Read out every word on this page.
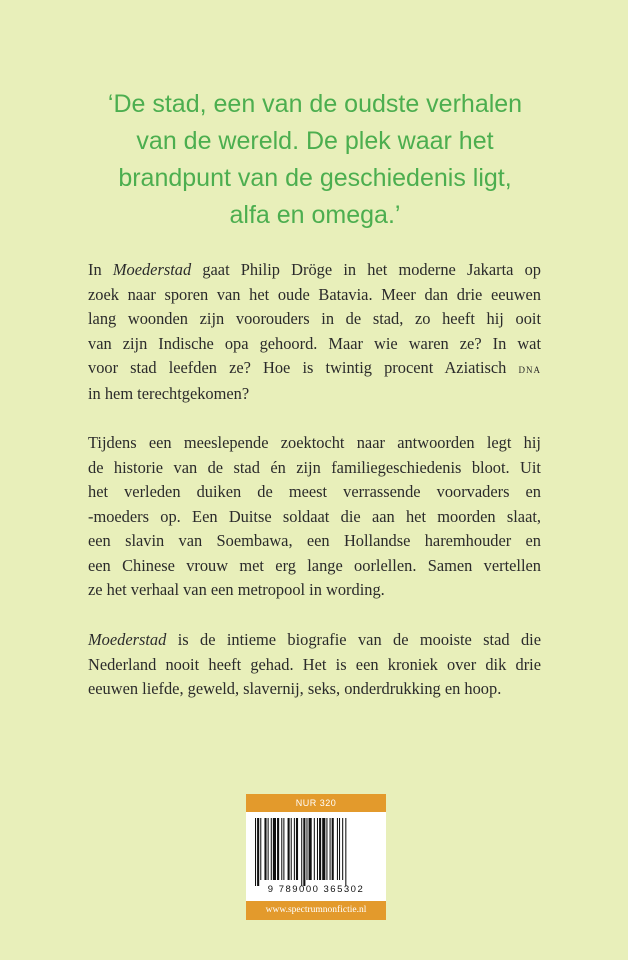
‘De stad, een van de oudste verhalen
van de wereld. De plek waar het
brandpunt van de geschiedenis ligt,
alfa en omega.’
In Moederstad gaat Philip Dröge in het moderne Jakarta op
zoek naar sporen van het oude Batavia. Meer dan drie eeuwen
lang woonden zijn voorouders in de stad, zo heeft hij ooit
van zijn Indische opa gehoord. Maar wie waren ze? In wat
voor stad leefden ze? Hoe is twintig procent Aziatisch dna
in hem terechtgekomen?
Tijdens een meeslepende zoektocht naar antwoorden legt hij
de historie van de stad én zijn familiegeschiedenis bloot. Uit
het verleden duiken de meest verrassende voorvaders en
-moeders op. Een Duitse soldaat die aan het moorden slaat,
een slavin van Soembawa, een Hollandse haremhouder en
een Chinese vrouw met erg lange oorlellen. Samen vertellen
ze het verhaal van een metropool in wording.
Moederstad is de intieme biografie van de mooiste stad die
Nederland nooit heeft gehad. Het is een kroniek over dik drie
eeuwen liefde, geweld, slavernij, seks, onderdrukking en hoop.
NUR 320
9 789000 365302
www.spectrumnonfictie.nl
